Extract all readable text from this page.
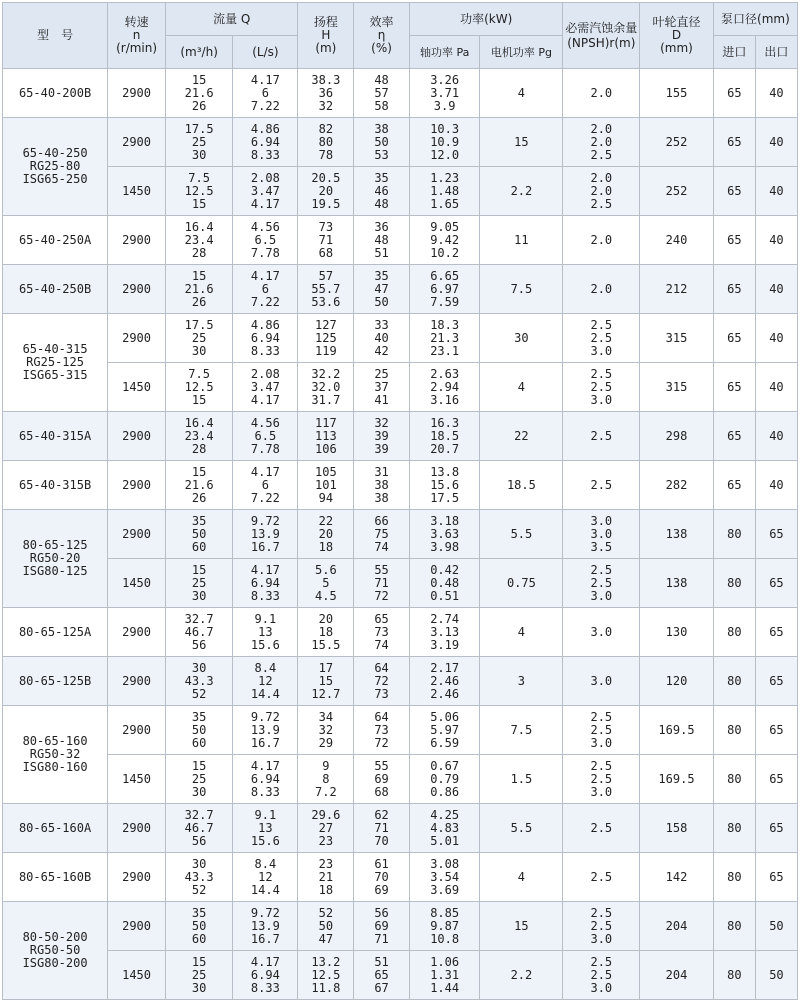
型　号	转速
n
(r/min)	流量 Q		扬程
H
(m)	效率
η
(%)	功率(kW)		必需汽蚀余量
(NPSH)r(m)	叶轮直径
D
(mm)	泵口径(mm)	
		(m³/h)	(L/s)			轴功率 Pa	电机功率 Pg			进口	出口

65-40-200B	2900	15
21.6
26	4.17
6
7.22	38.3
36
32	48
57
58	3.26
3.71
3.9	4	2.0	155	65	40

65-40-250
RG25-80
ISG65-250	2900	17.5
25
30	4.86
6.94
8.33	82
80
78	38
50
53	10.3
10.9
12.0	15	2.0
2.0
2.5	252	65	40
	1450	7.5
12.5
15	2.08
3.47
4.17	20.5
20
19.5	35
46
48	1.23
1.48
1.65	2.2	2.0
2.0
2.5	252	65	40

65-40-250A	2900	16.4
23.4
28	4.56
6.5
7.78	73
71
68	36
48
51	9.05
9.42
10.2	11	2.0	240	65	40

65-40-250B	2900	15
21.6
26	4.17
6
7.22	57
55.7
53.6	35
47
50	6.65
6.97
7.59	7.5	2.0	212	65	40

65-40-315
RG25-125
ISG65-315	2900	17.5
25
30	4.86
6.94
8.33	127
125
119	33
40
42	18.3
21.3
23.1	30	2.5
2.5
3.0	315	65	40
	1450	7.5
12.5
15	2.08
3.47
4.17	32.2
32.0
31.7	25
37
41	2.63
2.94
3.16	4	2.5
2.5
3.0	315	65	40

65-40-315A	2900	16.4
23.4
28	4.56
6.5
7.78	117
113
106	32
39
39	16.3
18.5
20.7	22	2.5	298	65	40

65-40-315B	2900	15
21.6
26	4.17
6
7.22	105
101
94	31
38
38	13.8
15.6
17.5	18.5	2.5	282	65	40

80-65-125
RG50-20
ISG80-125	2900	35
50
60	9.72
13.9
16.7	22
20
18	66
75
74	3.18
3.63
3.98	5.5	3.0
3.0
3.5	138	80	65
	1450	15
25
30	4.17
6.94
8.33	5.6
5
4.5	55
71
72	0.42
0.48
0.51	0.75	2.5
2.5
3.0	138	80	65

80-65-125A	2900	32.7
46.7
56	9.1
13
15.6	20
18
15.5	65
73
74	2.74
3.13
3.19	4	3.0	130	80	65

80-65-125B	2900	30
43.3
52	8.4
12
14.4	17
15
12.7	64
72
73	2.17
2.46
2.46	3	3.0	120	80	65

80-65-160
RG50-32
ISG80-160	2900	35
50
60	9.72
13.9
16.7	34
32
29	64
73
72	5.06
5.97
6.59	7.5	2.5
2.5
3.0	169.5	80	65
	1450	15
25
30	4.17
6.94
8.33	9
8
7.2	55
69
68	0.67
0.79
0.86	1.5	2.5
2.5
3.0	169.5	80	65

80-65-160A	2900	32.7
46.7
56	9.1
13
15.6	29.6
27
23	62
71
70	4.25
4.83
5.01	5.5	2.5	158	80	65

80-65-160B	2900	30
43.3
52	8.4
12
14.4	23
21
18	61
70
69	3.08
3.54
3.69	4	2.5	142	80	65

80-50-200
RG50-50
ISG80-200	2900	35
50
60	9.72
13.9
16.7	52
50
47	56
69
71	8.85
9.87
10.8	15	2.5
2.5
3.0	204	80	50
	1450	15
25
30	4.17
6.94
8.33	13.2
12.5
11.8	51
65
67	1.06
1.31
1.44	2.2	2.5
2.5
3.0	204	80	50
